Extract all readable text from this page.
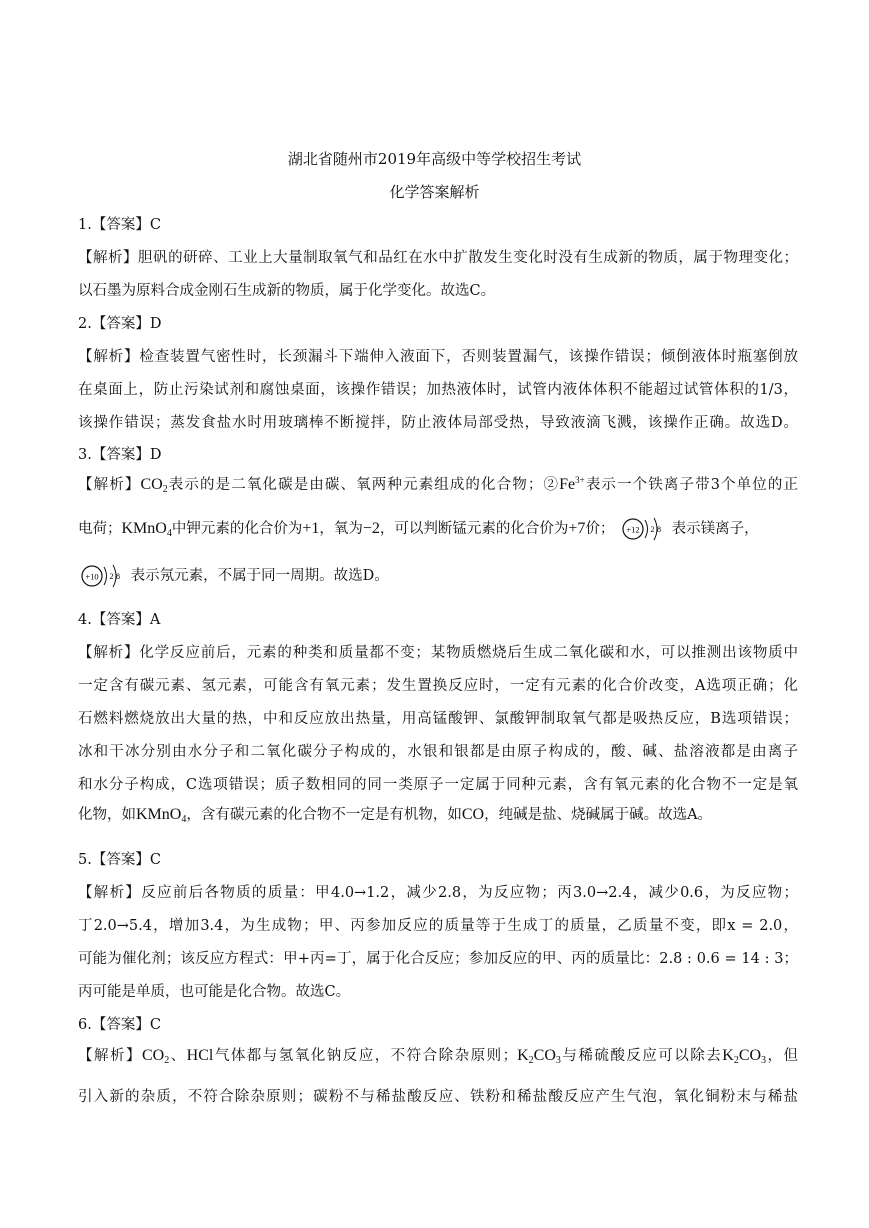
湖北省随州市2019年高级中等学校招生考试
化学答案解析
1.【答案】C
【解析】胆矾的研碎、工业上大量制取氧气和品红在水中扩散发生变化时没有生成新的物质，属于物理变化；
以石墨为原料合成金刚石生成新的物质，属于化学变化。故选C。
2.【答案】D
【解析】检查装置气密性时，长颈漏斗下端伸入液面下，否则装置漏气，该操作错误；倾倒液体时瓶塞倒放
在桌面上，防止污染试剂和腐蚀桌面，该操作错误；加热液体时，试管内液体体积不能超过试管体积的1/3，
该操作错误；蒸发食盐水时用玻璃棒不断搅拌，防止液体局部受热，导致液滴飞溅，该操作正确。故选D。
3.【答案】D
【解析】$CO_2$表示的是二氧化碳是由碳、氧两种元素组成的化合物；$②Fe^{3+}$表示一个铁离子带3个单位的正
电荷；KMnO$_4$中钾元素的化合价为+1，氧为−2，可以判断锰元素的化合价为+7价； +12 2 8 表示镁离子，
+10 2 8 表示氖元素，不属于同一周期。故选D。
4.【答案】A
【解析】化学反应前后，元素的种类和质量都不变；某物质燃烧后生成二氧化碳和水，可以推测出该物质中
一定含有碳元素、氢元素，可能含有氧元素；发生置换反应时，一定有元素的化合价改变，A选项正确；化
石燃料燃烧放出大量的热，中和反应放出热量，用高锰酸钾、氯酸钾制取氧气都是吸热反应，B选项错误；
冰和干冰分别由水分子和二氧化碳分子构成的，水银和银都是由原子构成的，酸、碱、盐溶液都是由离子
和水分子构成，C选项错误；质子数相同的同一类原子一定属于同种元素，含有氧元素的化合物不一定是氧
化物，如KMnO$_4$，含有碳元素的化合物不一定是有机物，如CO，纯碱是盐、烧碱属于碱。故选A。
5.【答案】C
【解析】反应前后各物质的质量：甲4.0→1.2，减少2.8，为反应物；丙3.0→2.4，减少0.6，为反应物；
丁2.0→5.4，增加3.4，为生成物；甲、丙参加反应的质量等于生成丁的质量，乙质量不变，即x = 2.0，
可能为催化剂；该反应方程式：甲+丙=丁，属于化合反应；参加反应的甲、丙的质量比：2.8 : 0.6 = 14 : 3；
丙可能是单质，也可能是化合物。故选C。
6.【答案】C
【解析】$CO_2$、HCl气体都与氢氧化钠反应，不符合除杂原则；$K_2CO_3$与稀硫酸反应可以除去$K_2CO_3$，但
引入新的杂质，不符合除杂原则；碳粉不与稀盐酸反应、铁粉和稀盐酸反应产生气泡，氧化铜粉末与稀盐
